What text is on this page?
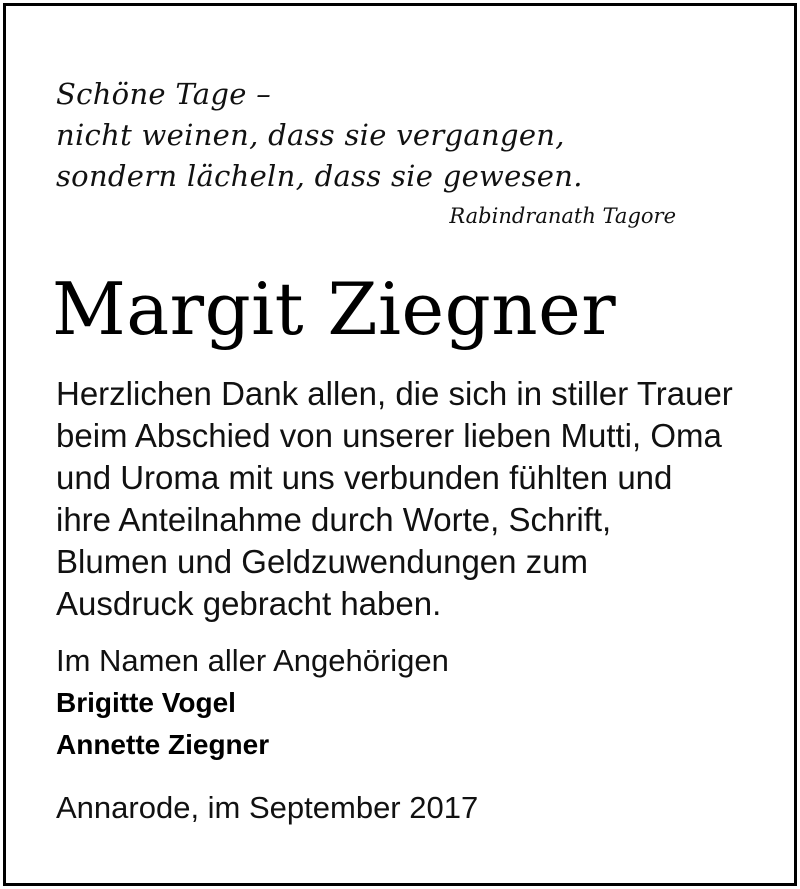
Schöne Tage –
nicht weinen, dass sie vergangen,
sondern lächeln, dass sie gewesen.
Rabindranath Tagore
Margit Ziegner
Herzlichen Dank allen, die sich in stiller Trauer
beim Abschied von unserer lieben Mutti, Oma
und Uroma mit uns verbunden fühlten und
ihre Anteilnahme durch Worte, Schrift,
Blumen und Geldzuwendungen zum
Ausdruck gebracht haben.
Im Namen aller Angehörigen
Brigitte Vogel
Annette Ziegner
Annarode, im September 2017
